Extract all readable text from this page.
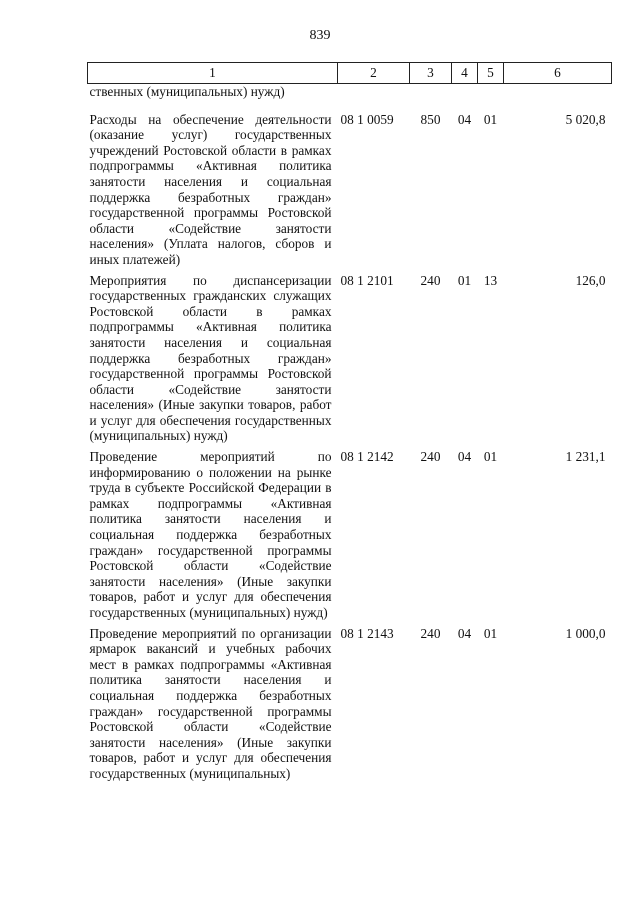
839
1	2	3	4	5	6
ственных (муниципальных) нужд)					
Расходы на обеспечение деятельности (оказание услуг) государственных учреждений Ростовской области в рамках подпрограммы «Активная политика занятости населения и социальная поддержка безработных граждан» государственной программы Ростовской области «Содействие занятости населения» (Уплата налогов, сборов и иных платежей)	08 1 0059	850	04	01	5 020,8
Мероприятия по диспансеризации государственных гражданских служащих Ростовской области в рамках подпрограммы «Активная политика занятости населения и социальная поддержка безработных граждан» государственной программы Ростовской области «Содействие занятости населения» (Иные закупки товаров, работ и услуг для обеспечения государственных (муниципальных) нужд)	08 1 2101	240	01	13	126,0
Проведение мероприятий по информированию о положении на рынке труда в субъекте Российской Федерации в рамках подпрограммы «Активная политика занятости населения и социальная поддержка безработных граждан» государственной программы Ростовской области «Содействие занятости населения» (Иные закупки товаров, работ и услуг для обеспечения государственных (муниципальных) нужд)	08 1 2142	240	04	01	1 231,1
Проведение мероприятий по организации ярмарок вакансий и учебных рабочих мест в рамках подпрограммы «Активная политика занятости населения и социальная поддержка безработных граждан» государственной программы Ростовской области «Содействие занятости населения» (Иные закупки товаров, работ и услуг для обеспечения государственных (муниципальных)	08 1 2143	240	04	01	1 000,0
